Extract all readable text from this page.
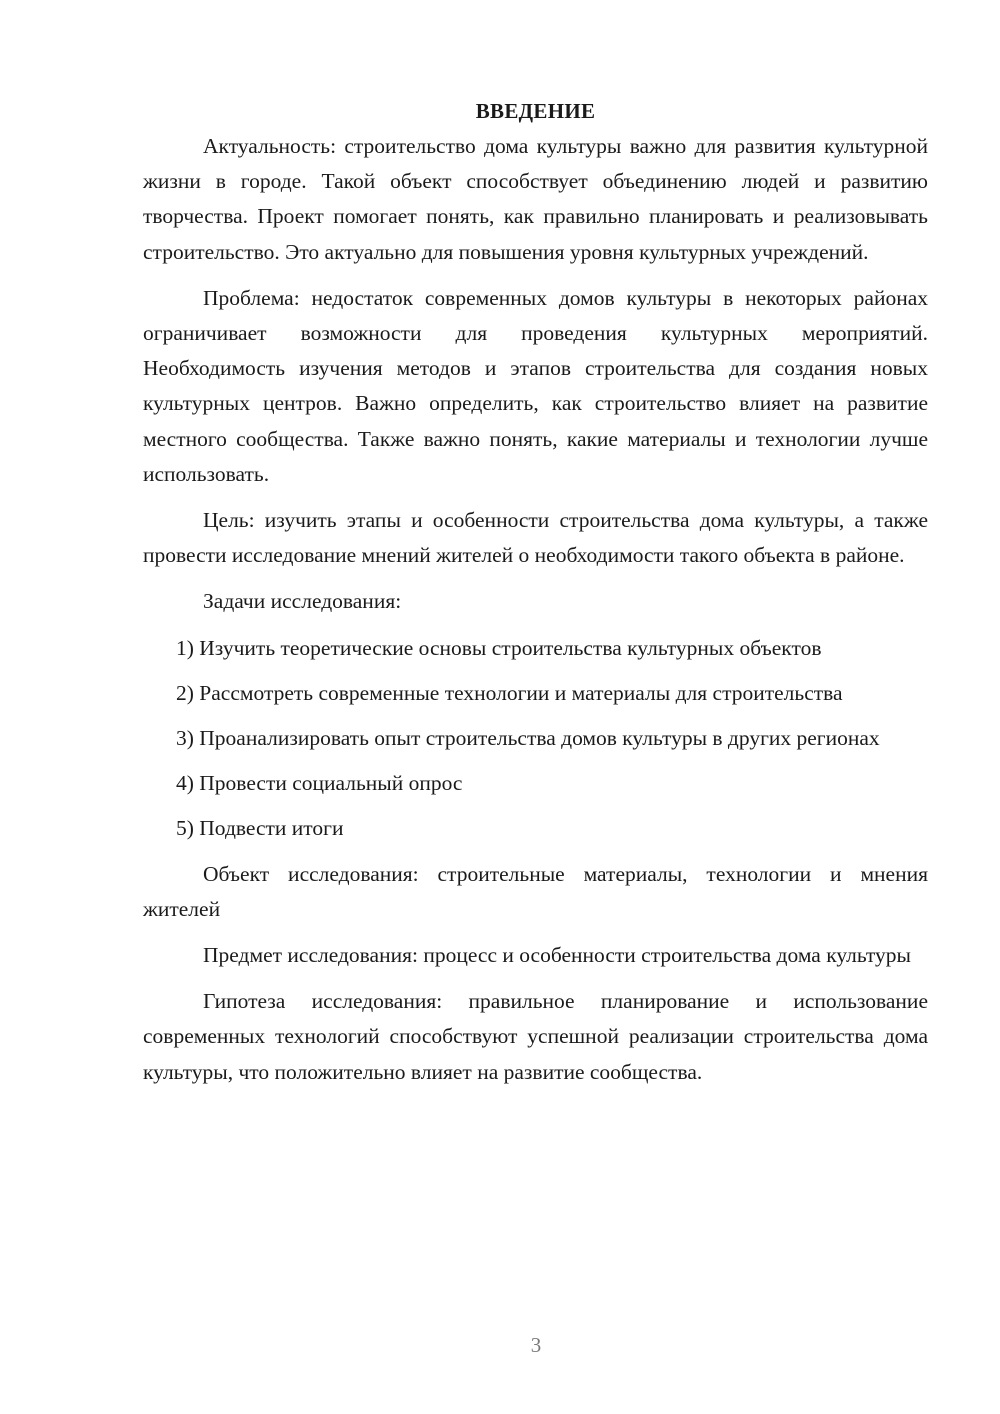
ВВЕДЕНИЕ

Актуальность: строительство дома культуры важно для развития культурной жизни в городе. Такой объект способствует объединению людей и развитию творчества. Проект помогает понять, как правильно планировать и реализовывать строительство. Это актуально для повышения уровня культурных учреждений.

Проблема: недостаток современных домов культуры в некоторых районах ограничивает возможности для проведения культурных мероприятий. Необходимость изучения методов и этапов строительства для создания новых культурных центров. Важно определить, как строительство влияет на развитие местного сообщества. Также важно понять, какие материалы и технологии лучше использовать.

Цель: изучить этапы и особенности строительства дома культуры, а также провести исследование мнений жителей о необходимости такого объекта в районе.

Задачи исследования:

1) Изучить теоретические основы строительства культурных объектов

2) Рассмотреть современные технологии и материалы для строительства

3) Проанализировать опыт строительства домов культуры в других регионах

4) Провести социальный опрос

5) Подвести итоги

Объект исследования: строительные материалы, технологии и мнения жителей

Предмет исследования: процесс и особенности строительства дома культуры

Гипотеза исследования: правильное планирование и использование современных технологий способствуют успешной реализации строительства дома культуры, что положительно влияет на развитие сообщества.

3
